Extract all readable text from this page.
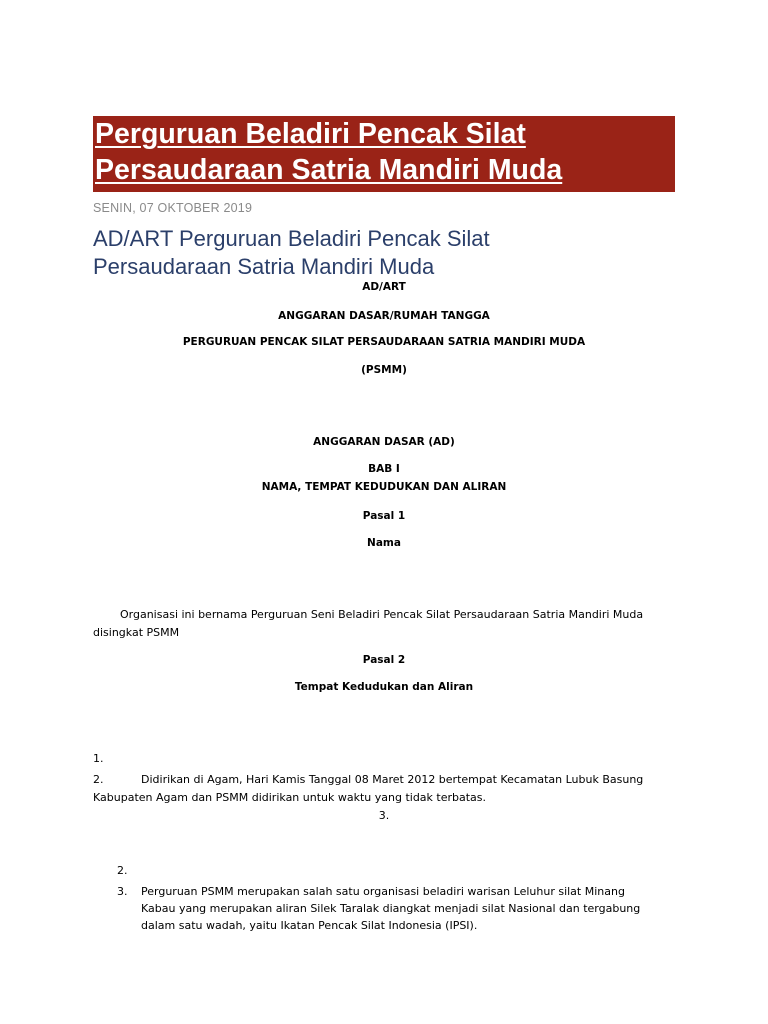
Perguruan Beladiri Pencak Silat
Persaudaraan Satria Mandiri Muda

SENIN, 07 OKTOBER 2019

AD/ART Perguruan Beladiri Pencak Silat
Persaudaraan Satria Mandiri Muda

AD/ART

ANGGARAN DASAR/RUMAH TANGGA

PERGURUAN PENCAK SILAT PERSAUDARAAN SATRIA MANDIRI MUDA

(PSMM)

ANGGARAN DASAR (AD)

BAB I

NAMA, TEMPAT KEDUDUKAN DAN ALIRAN

Pasal 1

Nama

Organisasi ini bernama Perguruan Seni Beladiri Pencak Silat Persaudaraan Satria Mandiri Muda

disingkat PSMM

Pasal 2

Tempat Kedudukan dan Aliran

1.

2.	Didirikan di Agam, Hari Kamis Tanggal 08 Maret 2012 bertempat Kecamatan Lubuk Basung

Kabupaten Agam dan PSMM didirikan untuk waktu yang tidak terbatas.

3.

2.

3. Perguruan PSMM merupakan salah satu organisasi beladiri warisan Leluhur silat Minang

Kabau yang merupakan aliran Silek Taralak diangkat menjadi silat Nasional dan tergabung

dalam satu wadah, yaitu Ikatan Pencak Silat Indonesia (IPSI).
